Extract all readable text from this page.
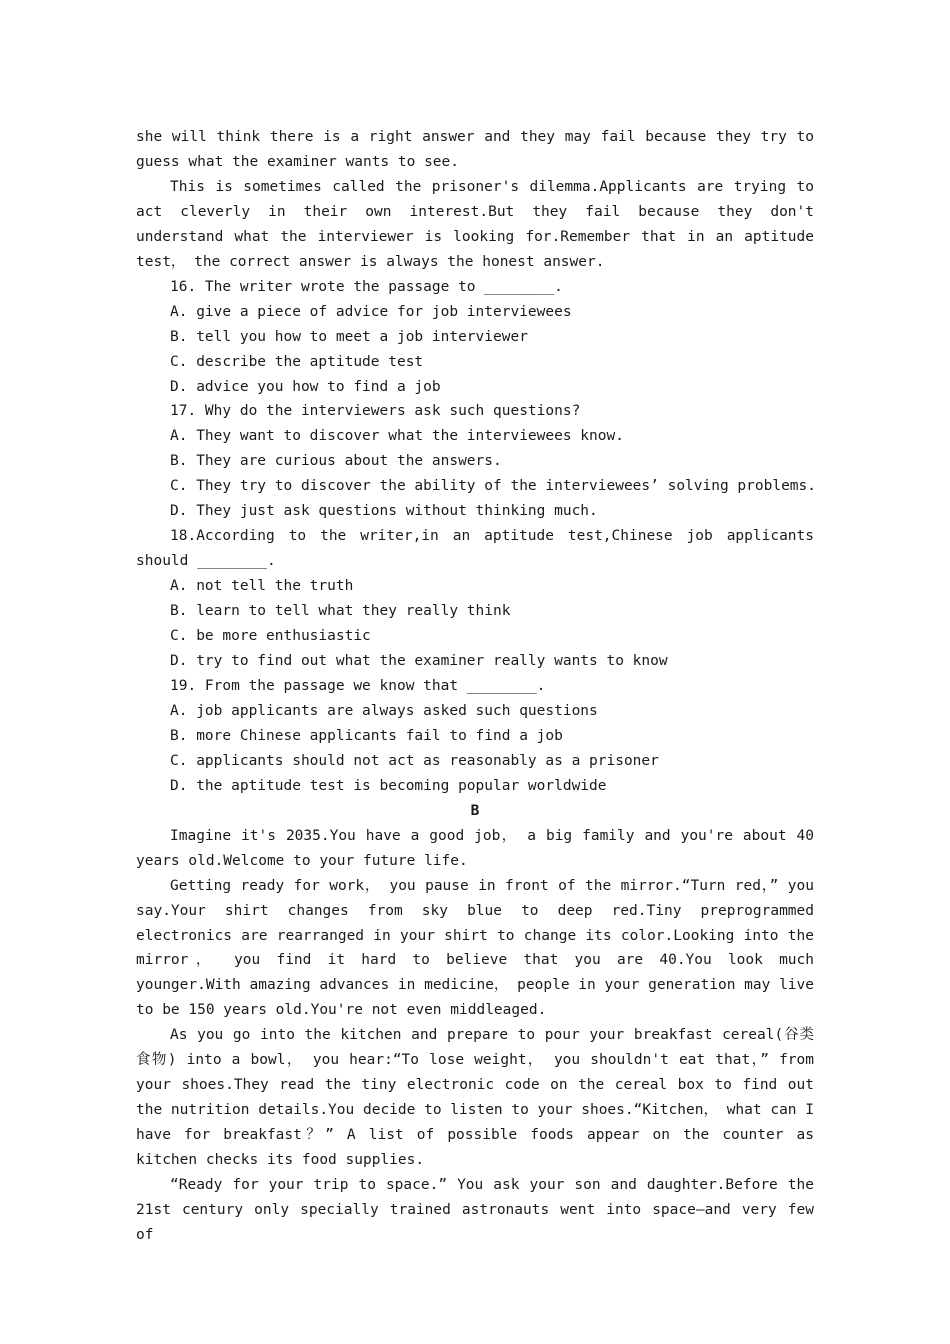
she will think there is a right answer and they may fail because they try to guess what the examiner wants to see.

This is sometimes called the prisoner's dilemma.Applicants are trying to act cleverly in their own interest.But they fail because they don't understand what the interviewer is looking for.Remember that in an aptitude test， the correct answer is always the honest answer.

16. The writer wrote the passage to ________.

A. give a piece of advice for job interviewees

B. tell you how to meet a job interviewer

C. describe the aptitude test

D. advice you how to find a job

17. Why do the interviewers ask such questions?

A. They want to discover what the interviewees know.

B. They are curious about the answers.

C. They try to discover the ability of the interviewees’ solving problems.

D. They just ask questions without thinking much.

18.According to the writer,in an aptitude test,Chinese job applicants should ________.

A. not tell the truth

B. learn to tell what they really think

C. be more enthusiastic

D. try to find out what the examiner really wants to know

19. From the passage we know that ________.

A. job applicants are always asked such questions

B. more Chinese applicants fail to find a job

C. applicants should not act as reasonably as a prisoner

D. the aptitude test is becoming popular worldwide

B

Imagine it's 2035.You have a good job， a big family and you're about 40 years old.Welcome to your future life.

Getting ready for work， you pause in front of the mirror.“Turn red，” you say.Your shirt changes from sky blue to deep red.Tiny preprogrammed electronics are rearranged in your shirt to change its color.Looking into the mirror， you find it hard to believe that you are 40.You look much younger.With amazing advances in medicine， people in your generation may live to be 150 years old.You're not even middleaged.

As you go into the kitchen and prepare to pour your breakfast cereal(谷类食物) into a bowl， you hear:“To lose weight， you shouldn't eat that，” from your shoes.They read the tiny electronic code on the cereal box to find out the nutrition details.You decide to listen to your shoes.“Kitchen， what can I have for breakfast？” A list of possible foods appear on the counter as kitchen checks its food supplies.

“Ready for your trip to space.” You ask your son and daughter.Before the 21st century only specially trained astronauts went into space—and very few of
